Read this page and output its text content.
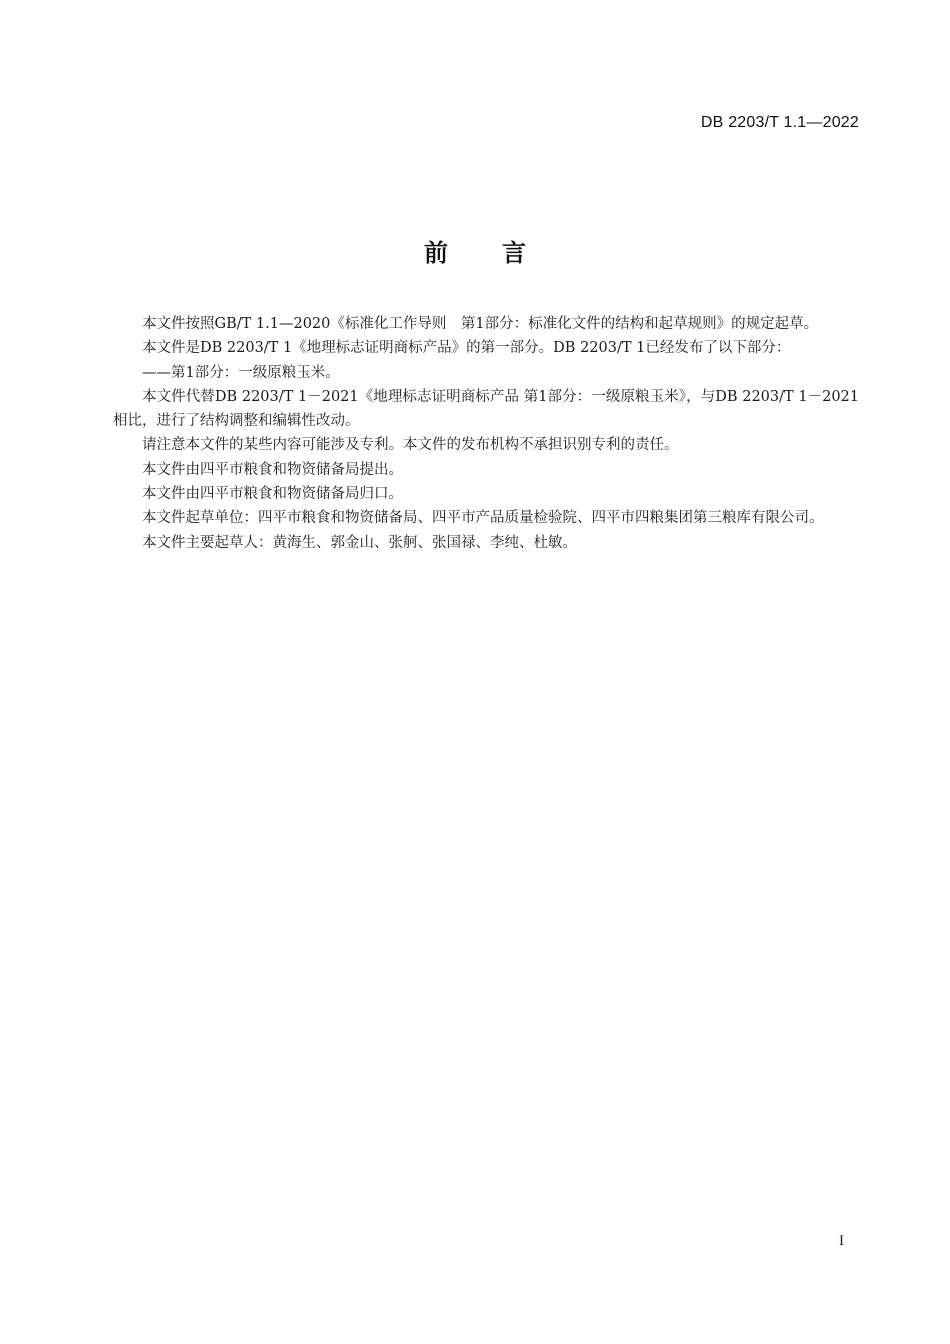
DB 2203/T 1.1—2022
前 言

本文件按照GB/T 1.1—2020《标准化工作导则　第1部分：标准化文件的结构和起草规则》的规定起草。

本文件是DB 2203/T 1《地理标志证明商标产品》的第一部分。DB 2203/T 1已经发布了以下部分：

——第1部分：一级原粮玉米。

本文件代替DB 2203/T 1－2021《地理标志证明商标产品 第1部分：一级原粮玉米》，与DB 2203/T 1－2021相比，进行了结构调整和编辑性改动。

请注意本文件的某些内容可能涉及专利。本文件的发布机构不承担识别专利的责任。

本文件由四平市粮食和物资储备局提出。

本文件由四平市粮食和物资储备局归口。

本文件起草单位：四平市粮食和物资储备局、四平市产品质量检验院、四平市四粮集团第三粮库有限公司。

本文件主要起草人：黄海生、郭金山、张舸、张国禄、李纯、杜敏。

I
